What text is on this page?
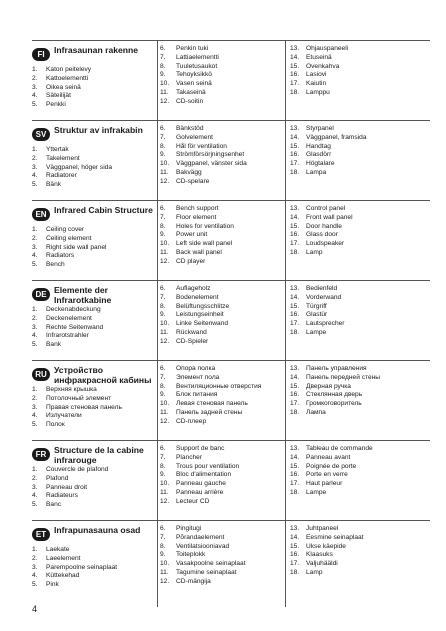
FI	Infrasaunan rakenne
1.	Katon peitelevy
2.	Kattoelementti
3.	Oikea seinä
4.	Säteilijät
5.	Penkki
6.	Penkin tuki
7.	Lattiaelementti
8.	Tuuletusaukot
9.	Tehoyksikkö
10.	Vasen seinä
11.	Takaseinä
12.	CD-soitin
13.	Ohjauspaneeli
14.	Etuseinä
15.	Ovenkahva
16.	Lasiovi
17.	Kaiutin
18.	Lamppu
SV Struktur av infrakabin
1.	Yttertak
2.	Takelement
3.	Väggpanel, höger sida
4.	Radiatorer
5.	Bänk
6.	Bänkstöd
7.	Golvelement
8.	Hål för ventilation
9.	Strömförsörjningsenhet
10.	Väggpanel, vänster sida
11.	Bakvägg
12.	CD-spelare
13.	Styrpanel
14.	Väggpanel, framsida
15.	Handtag
16.	Glasdörr
17.	Högtalare
18.	Lampa
EN Infrared Cabin Structure
1.	Ceiling cover
2.	Ceiling element
3.	Right side wall panel
4.	Radiators
5.	Bench
6.	Bench support
7.	Floor element
8.	Holes for ventilation
9.	Power unit
10.	Left side wall panel
11.	Back wall panel
12.	CD player
13.	Control panel
14.	Front wall panel
15.	Door handle
16.	Glass door
17.	Loudspeaker
18.	Lamp
DE Elemente der Infrarotkabine
1.	Deckenabdeckung
2.	Deckenelement
3.	Rechte Seitenwand
4.	Infrarotstrahler
5.	Bank
6.	Auflageholz
7.	Bodenelement
8.	Belüftungsschlitze
9.	Leistungseinheit
10.	Linke Seitenwand
11.	Rückwand
12.	CD-Spieler
13.	Bedienfeld
14.	Vorderwand
15.	Türgriff
16.	Glastür
17.	Lautsprecher
18.	Lampe
RU Устройство инфракрасной кабины
1.	Верхняя крышка
2.	Потолочный элемент
3.	Правая стеновая панель
4.	Излучатели
5.	Полок
6.	Опора полка
7.	Элемент пола
8.	Вентиляционные отверстия
9.	Блок питания
10.	Левая стеновая панель
11.	Панель задней стены
12.	CD-плеер
13.	Панель управления
14.	Панель передней стены
15.	Дверная ручка
16.	Стеклянная дверь
17.	Громкоговоритель
18.	Лампа
FR Structure de la cabine infrarouge
1.	Couvercle de plafond
2.	Plafond
3.	Panneau droit
4.	Radiateurs
5.	Banc
6.	Support de banc
7.	Plancher
8.	Trous pour ventilation
9.	Bloc d'alimentation
10.	Panneau gauche
11.	Panneau arrière
12.	Lecteur CD
13.	Tableau de commande
14.	Panneau avant
15.	Poignée de porte
16.	Porte en verre
17.	Haut parleur
18.	Lampe
ET Infrapunasauna osad
1.	Laekate
2.	Laeelement
3.	Parempoolne seinaplaat
4.	Küttekehad
5.	Pink
6.	Pingitugi
7.	Põrandaelement
8.	Ventilatsiooniavad
9.	Toiteplokk
10.	Vasakpoolne seinaplaat
11.	Tagumine seinaplaat
12.	CD-mängija
13.	Juhtpaneel
14.	Eesmine seinaplaat
15.	Ukse käepide
16.	Klaasuks
17.	Valjuhääldi
18.	Lamp
4
